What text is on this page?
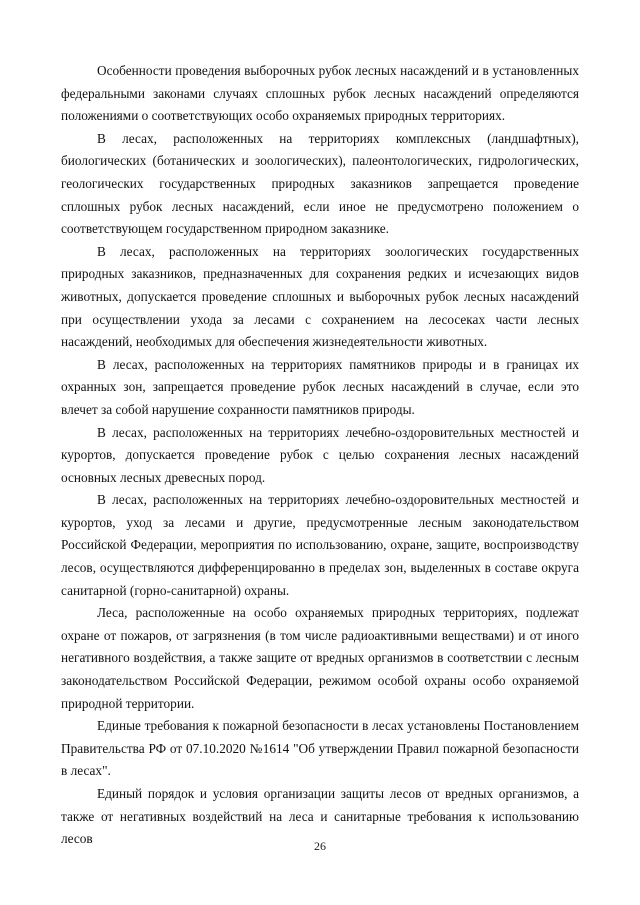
Особенности проведения выборочных рубок лесных насаждений и в установленных федеральными законами случаях сплошных рубок лесных насаждений определяются положениями о соответствующих особо охраняемых природных территориях.

В лесах, расположенных на территориях комплексных (ландшафтных), биологических (ботанических и зоологических), палеонтологических, гидрологических, геологических государственных природных заказников запрещается проведение сплошных рубок лесных насаждений, если иное не предусмотрено положением о соответствующем государственном природном заказнике.

В лесах, расположенных на территориях зоологических государственных природных заказников, предназначенных для сохранения редких и исчезающих видов животных, допускается проведение сплошных и выборочных рубок лесных насаждений при осуществлении ухода за лесами с сохранением на лесосеках части лесных насаждений, необходимых для обеспечения жизнедеятельности животных.

В лесах, расположенных на территориях памятников природы и в границах их охранных зон, запрещается проведение рубок лесных насаждений в случае, если это влечет за собой нарушение сохранности памятников природы.

В лесах, расположенных на территориях лечебно-оздоровительных местностей и курортов, допускается проведение рубок с целью сохранения лесных насаждений основных лесных древесных пород.

В лесах, расположенных на территориях лечебно-оздоровительных местностей и курортов, уход за лесами и другие, предусмотренные лесным законодательством Российской Федерации, мероприятия по использованию, охране, защите, воспроизводству лесов, осуществляются дифференцированно в пределах зон, выделенных в составе округа санитарной (горно-санитарной) охраны.

Леса, расположенные на особо охраняемых природных территориях, подлежат охране от пожаров, от загрязнения (в том числе радиоактивными веществами) и от иного негативного воздействия, а также защите от вредных организмов в соответствии с лесным законодательством Российской Федерации, режимом особой охраны особо охраняемой природной территории.

Единые требования к пожарной безопасности в лесах установлены Постановлением Правительства РФ от 07.10.2020 №1614 "Об утверждении Правил пожарной безопасности в лесах".

Единый порядок и условия организации защиты лесов от вредных организмов, а также от негативных воздействий на леса и санитарные требования к использованию лесов	26
